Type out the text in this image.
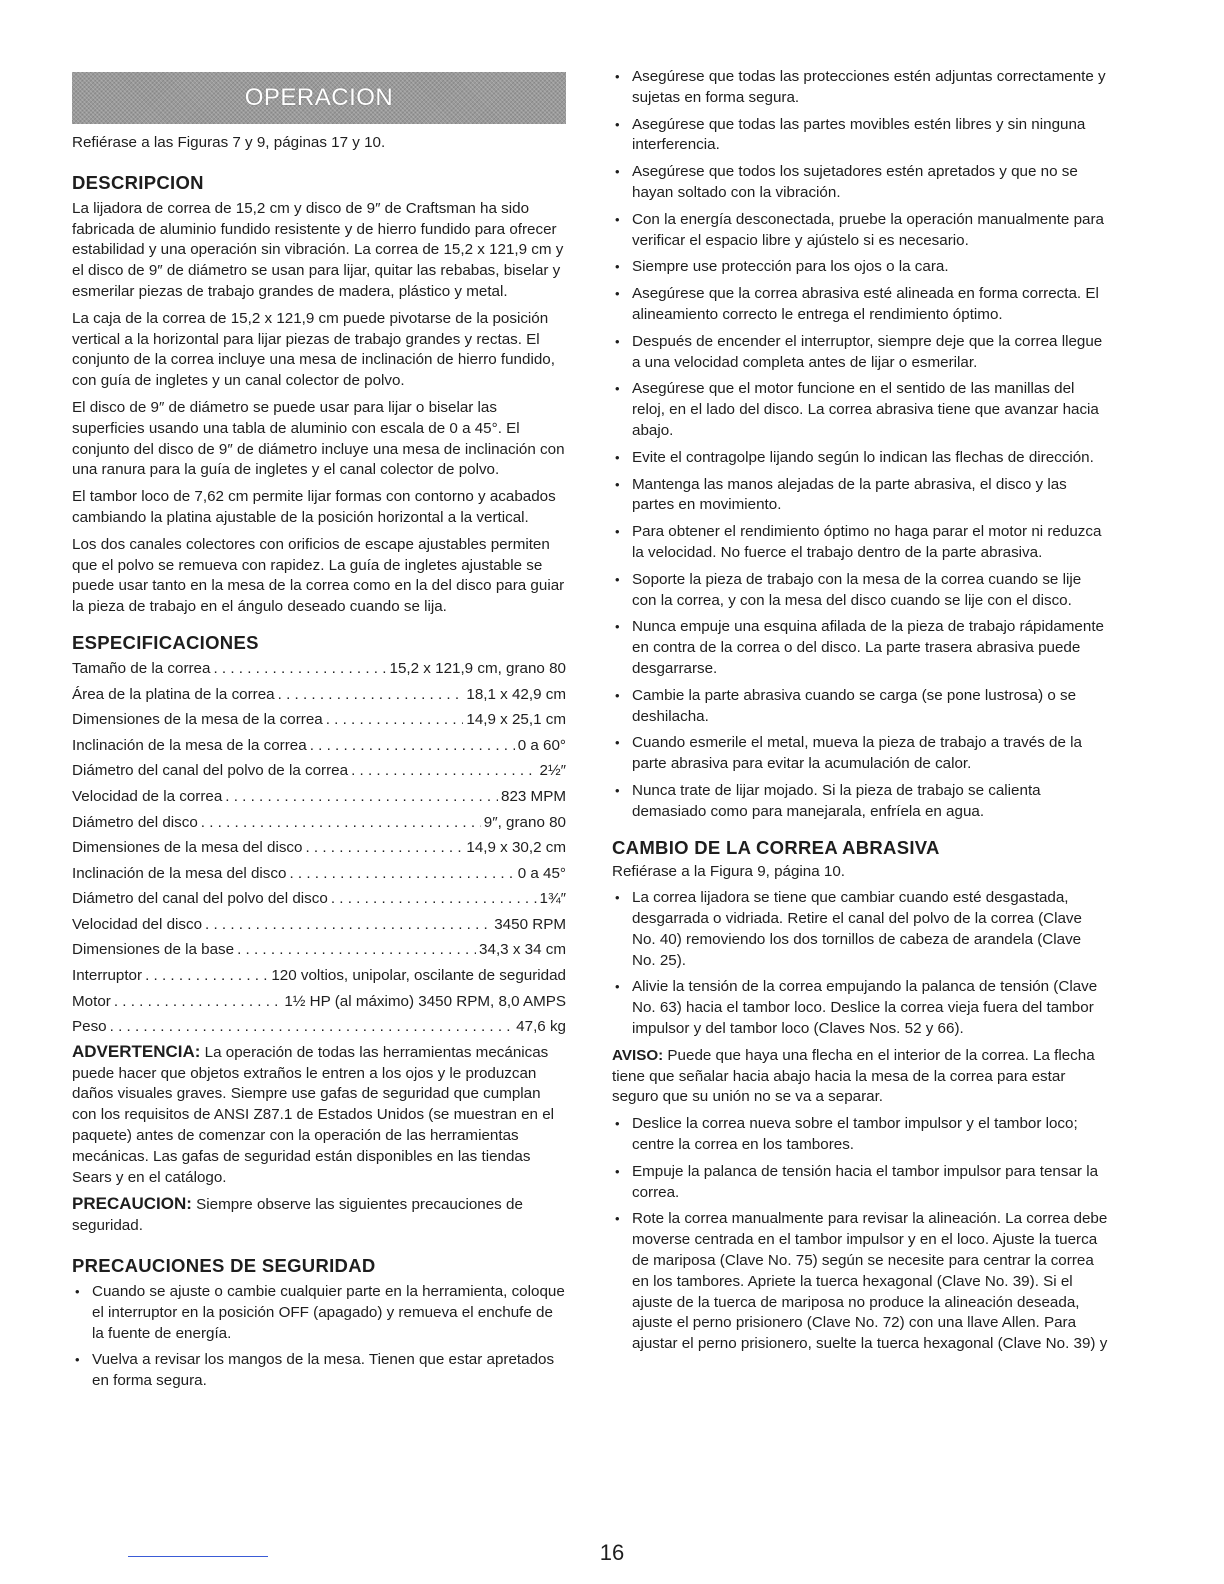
OPERACION

Refiérase a las Figuras 7 y 9, páginas 17 y 10.

DESCRIPCION

La lijadora de correa de 15,2 cm y disco de 9″ de Craftsman ha sido fabricada de aluminio fundido resistente y de hierro fundido para ofrecer estabilidad y una operación sin vibración. La correa de 15,2 x 121,9 cm y el disco de 9″ de diámetro se usan para lijar, quitar las rebabas, biselar y esmerilar piezas de trabajo grandes de madera, plástico y metal.

La caja de la correa de 15,2 x 121,9 cm puede pivotarse de la posición vertical a la horizontal para lijar piezas de trabajo grandes y rectas. El conjunto de la correa incluye una mesa de inclinación de hierro fundido, con guía de ingletes y un canal colector de polvo.

El disco de 9″ de diámetro se puede usar para lijar o biselar las superficies usando una tabla de aluminio con escala de 0 a 45°. El conjunto del disco de 9″ de diámetro incluye una mesa de inclinación con una ranura para la guía de ingletes y el canal colector de polvo.

El tambor loco de 7,62 cm permite lijar formas con contorno y acabados cambiando la platina ajustable de la posición horizontal a la vertical.

Los dos canales colectores con orificios de escape ajustables permiten que el polvo se remueva con rapidez. La guía de ingletes ajustable se puede usar tanto en la mesa de la correa como en la del disco para guiar la pieza de trabajo en el ángulo deseado cuando se lija.

ESPECIFICACIONES
Tamaño de la correa . . .	15,2 x 121,9 cm, grano 80
Área de la platina de la correa . . .	18,1 x 42,9 cm
Dimensiones de la mesa de la correa . . .	14,9 x 25,1 cm
Inclinación de la mesa de la correa . . .	0 a 60°
Diámetro del canal del polvo de la correa . . .	2½″
Velocidad de la correa . . .	823 MPM
Diámetro del disco . . .	9″, grano 80
Dimensiones de la mesa del disco . . .	14,9 x 30,2 cm
Inclinación de la mesa del disco . . .	0 a 45°
Diámetro del canal del polvo del disco . . .	1¾″
Velocidad del disco . . .	3450 RPM
Dimensiones de la base . . .	34,3 x 34 cm
Interruptor . . .	120 voltios, unipolar, oscilante de seguridad
Motor . . .	1½ HP (al máximo) 3450 RPM, 8,0 AMPS
Peso . . .	47,6 kg

ADVERTENCIA: La operación de todas las herramientas mecánicas puede hacer que objetos extraños le entren a los ojos y le produzcan daños visuales graves. Siempre use gafas de seguridad que cumplan con los requisitos de ANSI Z87.1 de Estados Unidos (se muestran en el paquete) antes de comenzar con la operación de las herramientas mecánicas. Las gafas de seguridad están disponibles en las tiendas Sears y en el catálogo.

PRECAUCION: Siempre observe las siguientes precauciones de seguridad.

PRECAUCIONES DE SEGURIDAD
• Cuando se ajuste o cambie cualquier parte en la herramienta, coloque el interruptor en la posición OFF (apagado) y remueva el enchufe de la fuente de energía.
• Vuelva a revisar los mangos de la mesa. Tienen que estar apretados en forma segura.
• Asegúrese que todas las protecciones estén adjuntas correctamente y sujetas en forma segura.
• Asegúrese que todas las partes movibles estén libres y sin ninguna interferencia.
• Asegúrese que todos los sujetadores estén apretados y que no se hayan soltado con la vibración.
• Con la energía desconectada, pruebe la operación manualmente para verificar el espacio libre y ajústelo si es necesario.
• Siempre use protección para los ojos o la cara.
• Asegúrese que la correa abrasiva esté alineada en forma correcta. El alineamiento correcto le entrega el rendimiento óptimo.
• Después de encender el interruptor, siempre deje que la correa llegue a una velocidad completa antes de lijar o esmerilar.
• Asegúrese que el motor funcione en el sentido de las manillas del reloj, en el lado del disco. La correa abrasiva tiene que avanzar hacia abajo.
• Evite el contragolpe lijando según lo indican las flechas de dirección.
• Mantenga las manos alejadas de la parte abrasiva, el disco y las partes en movimiento.
• Para obtener el rendimiento óptimo no haga parar el motor ni reduzca la velocidad. No fuerce el trabajo dentro de la parte abrasiva.
• Soporte la pieza de trabajo con la mesa de la correa cuando se lije con la correa, y con la mesa del disco cuando se lije con el disco.
• Nunca empuje una esquina afilada de la pieza de trabajo rápidamente en contra de la correa o del disco. La parte trasera abrasiva puede desgarrarse.
• Cambie la parte abrasiva cuando se carga (se pone lustrosa) o se deshilacha.
• Cuando esmerile el metal, mueva la pieza de trabajo a través de la parte abrasiva para evitar la acumulación de calor.
• Nunca trate de lijar mojado. Si la pieza de trabajo se calienta demasiado como para manejarala, enfríela en agua.
CAMBIO DE LA CORREA ABRASIVA

Refiérase a la Figura 9, página 10.

• La correa lijadora se tiene que cambiar cuando esté desgastada, desgarrada o vidriada. Retire el canal del polvo de la correa (Clave No. 40) removiendo los dos tornillos de cabeza de arandela (Clave No. 25).
• Alivie la tensión de la correa empujando la palanca de tensión (Clave No. 63) hacia el tambor loco. Deslice la correa vieja fuera del tambor impulsor y del tambor loco (Claves Nos. 52 y 66).

AVISO: Puede que haya una flecha en el interior de la correa. La flecha tiene que señalar hacia abajo hacia la mesa de la correa para estar seguro que su unión no se va a separar.

• Deslice la correa nueva sobre el tambor impulsor y el tambor loco; centre la correa en los tambores.
• Empuje la palanca de tensión hacia el tambor impulsor para tensar la correa.
• Rote la correa manualmente para revisar la alineación. La correa debe moverse centrada en el tambor impulsor y en el loco. Ajuste la tuerca de mariposa (Clave No. 75) según se necesite para centrar la correa en los tambores. Apriete la tuerca hexagonal (Clave No. 39). Si el ajuste de la tuerca de mariposa no produce la alineación deseada, ajuste el perno prisionero (Clave No. 72) con una llave Allen. Para ajustar el perno prisionero, suelte la tuerca hexagonal (Clave No. 39) y
16
